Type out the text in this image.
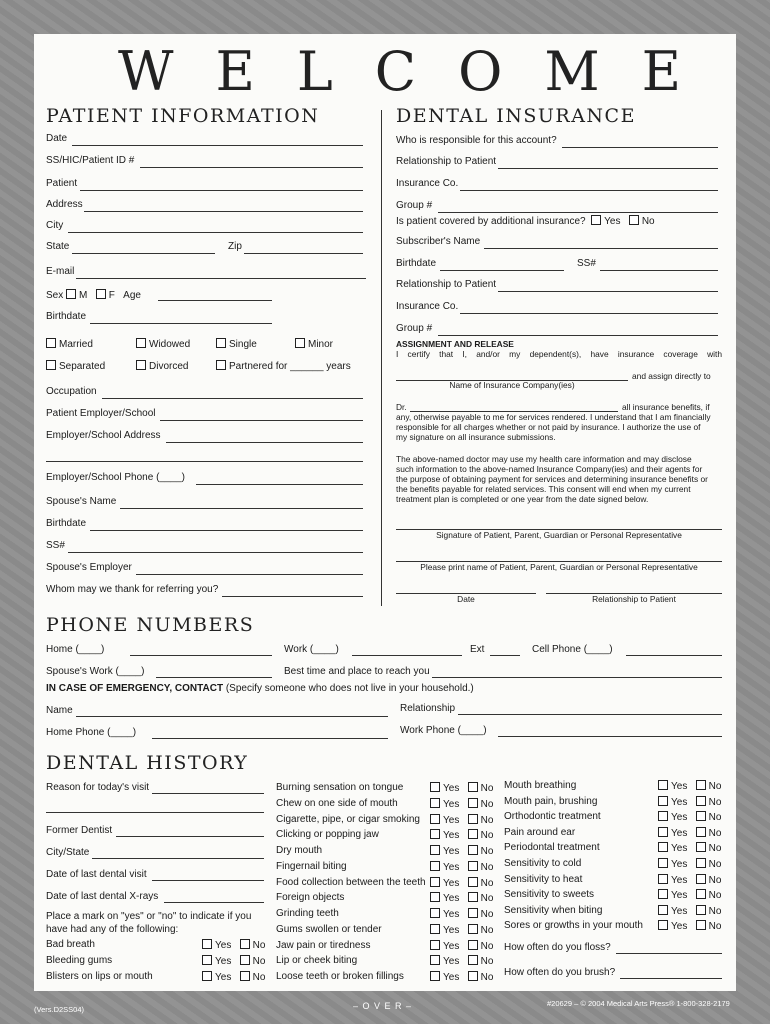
WELCOME
PATIENT INFORMATION
Date
SS/HIC/Patient ID #
Patient
Address
City
State	Zip
E-mail
Sex M F Age
Birthdate
Married	Widowed	Single	Minor
Separated	Divorced	Partnered for ______ years
Occupation
Patient Employer/School
Employer/School Address
Employer/School Phone (____)
Spouse's Name
Birthdate
SS#
Spouse's Employer
Whom may we thank for referring you?
DENTAL INSURANCE
Who is responsible for this account?
Relationship to Patient
Insurance Co.
Group #
Is patient covered by additional insurance? Yes No
Subscriber's Name
Birthdate	SS#
Relationship to Patient
Insurance Co.
Group #
ASSIGNMENT AND RELEASE
I certify that I, and/or my dependent(s), have insurance coverage with
and assign directly to
Name of Insurance Company(ies)
Dr.	all insurance benefits, if
any, otherwise payable to me for services rendered. I understand that I am financially
responsible for all charges whether or not paid by insurance. I authorize the use of
my signature on all insurance submissions.
The above-named doctor may use my health care information and may disclose
such information to the above-named Insurance Company(ies) and their agents for
the purpose of obtaining payment for services and determining insurance benefits or
the benefits payable for related services. This consent will end when my current
treatment plan is completed or one year from the date signed below.
Signature of Patient, Parent, Guardian or Personal Representative
Please print name of Patient, Parent, Guardian or Personal Representative
Date	Relationship to Patient
PHONE NUMBERS
Home (____)	Work (____)	Ext	Cell Phone (____)
Spouse's Work (____)	Best time and place to reach you
IN CASE OF EMERGENCY, CONTACT (Specify someone who does not live in your household.)
Name	Relationship
Home Phone (____)	Work Phone (____)
DENTAL HISTORY
Reason for today's visit
Former Dentist
City/State
Date of last dental visit
Date of last dental X-rays
Place a mark on "yes" or "no" to indicate if you
have had any of the following:
Bad breath	Yes No
Bleeding gums	Yes No
Blisters on lips or mouth	Yes No
Burning sensation on tongue	Yes No
Chew on one side of mouth	Yes No
Cigarette, pipe, or cigar smoking	Yes No
Clicking or popping jaw	Yes No
Dry mouth	Yes No
Fingernail biting	Yes No
Food collection between the teeth	Yes No
Foreign objects	Yes No
Grinding teeth	Yes No
Gums swollen or tender	Yes No
Jaw pain or tiredness	Yes No
Lip or cheek biting	Yes No
Loose teeth or broken fillings	Yes No
Mouth breathing	Yes No
Mouth pain, brushing	Yes No
Orthodontic treatment	Yes No
Pain around ear	Yes No
Periodontal treatment	Yes No
Sensitivity to cold	Yes No
Sensitivity to heat	Yes No
Sensitivity to sweets	Yes No
Sensitivity when biting	Yes No
Sores or growths in your mouth	Yes No
How often do you floss?
How often do you brush?
(Vers.D2SS04)	– O V E R –	#20629 – © 2004 Medical Arts Press® 1-800-328-2179
